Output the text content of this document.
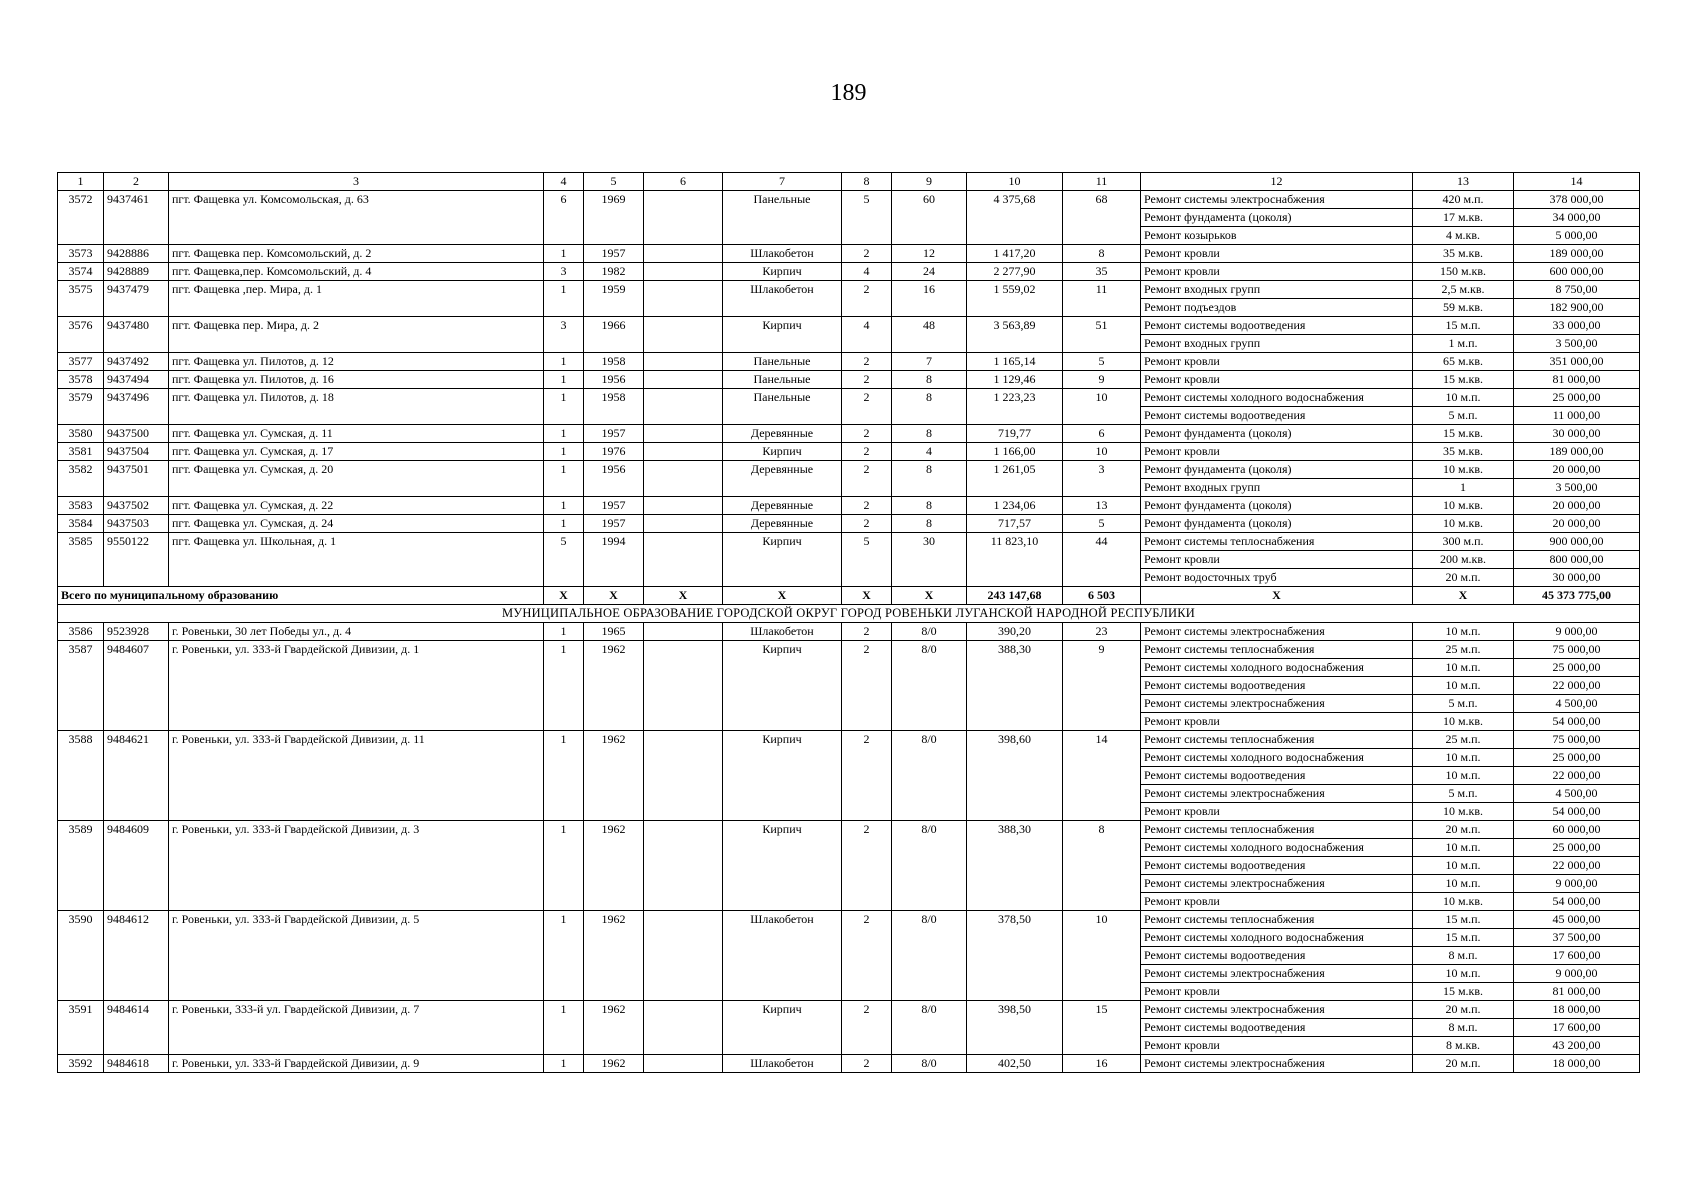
189
1	2	3	4	5	6	7	8	9	10	11	12	13	14
3572	9437461	пгт. Фащевка ул. Комсомольская, д. 63	6	1969		Панельные	5	60	4 375,68	68	Ремонт системы электроснабжения	420 м.п.	378 000,00
											Ремонт фундамента (цоколя)	17 м.кв.	34 000,00
											Ремонт козырьков	4 м.кв.	5 000,00
3573	9428886	пгт. Фащевка пер. Комсомольский, д. 2	1	1957		Шлакобетон	2	12	1 417,20	8	Ремонт кровли	35 м.кв.	189 000,00
3574	9428889	пгт. Фащевка,пер. Комсомольский, д. 4	3	1982		Кирпич	4	24	2 277,90	35	Ремонт кровли	150 м.кв.	600 000,00
3575	9437479	пгт. Фащевка ,пер. Мира, д. 1	1	1959		Шлакобетон	2	16	1 559,02	11	Ремонт входных групп	2,5 м.кв.	8 750,00
											Ремонт подъездов	59 м.кв.	182 900,00
3576	9437480	пгт. Фащевка пер. Мира, д. 2	3	1966		Кирпич	4	48	3 563,89	51	Ремонт системы водоотведения	15 м.п.	33 000,00
											Ремонт входных групп	1 м.п.	3 500,00
3577	9437492	пгт. Фащевка ул. Пилотов, д. 12	1	1958		Панельные	2	7	1 165,14	5	Ремонт кровли	65 м.кв.	351 000,00
3578	9437494	пгт. Фащевка ул. Пилотов, д. 16	1	1956		Панельные	2	8	1 129,46	9	Ремонт кровли	15 м.кв.	81 000,00
3579	9437496	пгт. Фащевка ул. Пилотов, д. 18	1	1958		Панельные	2	8	1 223,23	10	Ремонт системы холодного водоснабжения	10 м.п.	25 000,00
											Ремонт системы водоотведения	5 м.п.	11 000,00
3580	9437500	пгт. Фащевка ул. Сумская, д. 11	1	1957		Деревянные	2	8	719,77	6	Ремонт фундамента (цоколя)	15 м.кв.	30 000,00
3581	9437504	пгт. Фащевка ул. Сумская, д. 17	1	1976		Кирпич	2	4	1 166,00	10	Ремонт кровли	35 м.кв.	189 000,00
3582	9437501	пгт. Фащевка ул. Сумская, д. 20	1	1956		Деревянные	2	8	1 261,05	3	Ремонт фундамента (цоколя)	10 м.кв.	20 000,00
											Ремонт входных групп	1	3 500,00
3583	9437502	пгт. Фащевка ул. Сумская, д. 22	1	1957		Деревянные	2	8	1 234,06	13	Ремонт фундамента (цоколя)	10 м.кв.	20 000,00
3584	9437503	пгт. Фащевка ул. Сумская, д. 24	1	1957		Деревянные	2	8	717,57	5	Ремонт фундамента (цоколя)	10 м.кв.	20 000,00
3585	9550122	пгт. Фащевка ул. Школьная, д. 1	5	1994		Кирпич	5	30	11 823,10	44	Ремонт системы теплоснабжения	300 м.п.	900 000,00
											Ремонт кровли	200 м.кв.	800 000,00
											Ремонт водосточных труб	20 м.п.	30 000,00
Всего по муниципальному образованию			X	X	X	X	X	X	243 147,68	6 503	X	X	45 373 775,00
МУНИЦИПАЛЬНОЕ ОБРАЗОВАНИЕ ГОРОДСКОЙ ОКРУГ ГОРОД РОВЕНЬКИ ЛУГАНСКОЙ НАРОДНОЙ РЕСПУБЛИКИ													
3586	9523928	г. Ровеньки, 30 лет Победы ул., д. 4	1	1965		Шлакобетон	2	8/0	390,20	23	Ремонт системы электроснабжения	10 м.п.	9 000,00
3587	9484607	г. Ровеньки, ул. 333-й Гвардейской Дивизии, д. 1	1	1962		Кирпич	2	8/0	388,30	9	Ремонт системы теплоснабжения	25 м.п.	75 000,00
											Ремонт системы холодного водоснабжения	10 м.п.	25 000,00
											Ремонт системы водоотведения	10 м.п.	22 000,00
											Ремонт системы электроснабжения	5 м.п.	4 500,00
											Ремонт кровли	10 м.кв.	54 000,00
3588	9484621	г. Ровеньки, ул. 333-й Гвардейской Дивизии, д. 11	1	1962		Кирпич	2	8/0	398,60	14	Ремонт системы теплоснабжения	25 м.п.	75 000,00
											Ремонт системы холодного водоснабжения	10 м.п.	25 000,00
											Ремонт системы водоотведения	10 м.п.	22 000,00
											Ремонт системы электроснабжения	5 м.п.	4 500,00
											Ремонт кровли	10 м.кв.	54 000,00
3589	9484609	г. Ровеньки, ул. 333-й Гвардейской Дивизии, д. 3	1	1962		Кирпич	2	8/0	388,30	8	Ремонт системы теплоснабжения	20 м.п.	60 000,00
											Ремонт системы холодного водоснабжения	10 м.п.	25 000,00
											Ремонт системы водоотведения	10 м.п.	22 000,00
											Ремонт системы электроснабжения	10 м.п.	9 000,00
											Ремонт кровли	10 м.кв.	54 000,00
3590	9484612	г. Ровеньки, ул. 333-й Гвардейской Дивизии, д. 5	1	1962		Шлакобетон	2	8/0	378,50	10	Ремонт системы теплоснабжения	15 м.п.	45 000,00
											Ремонт системы холодного водоснабжения	15 м.п.	37 500,00
											Ремонт системы водоотведения	8 м.п.	17 600,00
											Ремонт системы электроснабжения	10 м.п.	9 000,00
											Ремонт кровли	15 м.кв.	81 000,00
3591	9484614	г. Ровеньки, 333-й ул. Гвардейской Дивизии, д. 7	1	1962		Кирпич	2	8/0	398,50	15	Ремонт системы электроснабжения	20 м.п.	18 000,00
											Ремонт системы водоотведения	8 м.п.	17 600,00
											Ремонт кровли	8 м.кв.	43 200,00
3592	9484618	г. Ровеньки, ул. 333-й Гвардейской Дивизии, д. 9	1	1962		Шлакобетон	2	8/0	402,50	16	Ремонт системы электроснабжения	20 м.п.	18 000,00
